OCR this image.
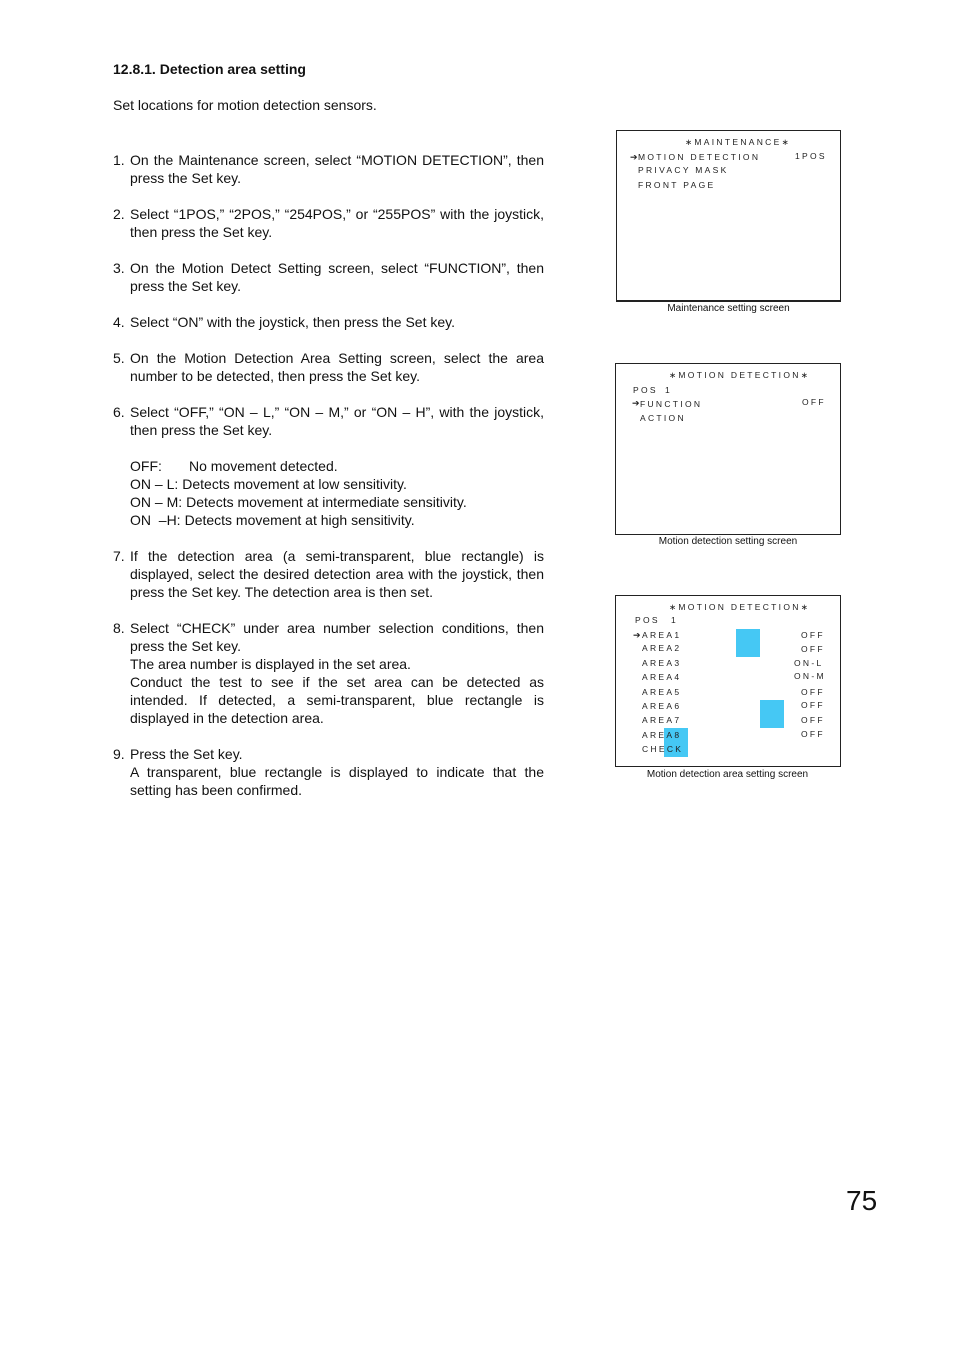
12.8.1. Detection area setting
Set locations for motion detection sensors.
1. On the Maintenance screen, select “MOTION DETECTION”, then press the Set key.

2. Select “1POS,” “2POS,” “254POS,” or “255POS” with the joystick, then press the Set key.

3. On the Motion Detect Setting screen, select “FUNCTION”, then press the Set key.

4. Select “ON” with the joystick, then press the Set key.

5. On the Motion Detection Area Setting screen, select the area number to be detected, then press the Set key.

6. Select “OFF,” “ON – L,” “ON – M,” or “ON – H”, with the joystick, then press the Set key.

OFF:	No movement detected.
ON – L: Detects movement at low sensitivity.
ON – M: Detects movement at intermediate sensitivity.
ON  –H: Detects movement at high sensitivity.
7. If the detection area (a semi-transparent, blue rectangle) is displayed, select the desired detection area with the joystick, then press the Set key. The detection area is then set.

8. Select “CHECK” under area number selection conditions, then press the Set key.

The area number is displayed in the set area.

Conduct the test to see if the set area can be detected as intended. If detected, a semi-transparent, blue rectangle is displayed in the detection area.

9. Press the Set key.

A transparent, blue rectangle is displayed to indicate that the setting has been confirmed.

∗MAINTENANCE∗
➔ MOTION DETECTION	1POS
PRIVACY MASK
FRONT PAGE
Maintenance setting screen
∗MOTION DETECTION∗
POS 1
➔ FUNCTION	OFF
ACTION
Motion detection setting screen
∗MOTION DETECTION∗
POS 1
➔ AREA1	OFF
AREA2	OFF
AREA3	ON-L
AREA4	ON-M
AREA5	OFF
AREA6	OFF
AREA7	OFF
AREA8	OFF
CHECK
Motion detection area setting screen
75
